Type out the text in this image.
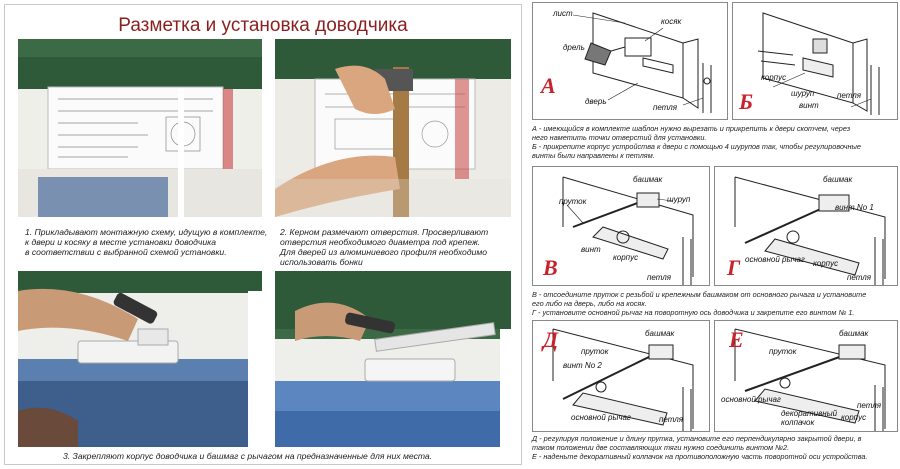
Разметка и установка доводчика
1. Прикладывают монтажную схему, идущую в комплекте,
к двери и косяку в месте установки доводчика
в соответствии с выбранной схемой установки.
2. Керном размечают отверстия. Просверливают
отверстия необходимого диаметра под крепеж.
Для дверей из алюминиевого профиля необходимо
использовать бонки
3. Закрепляют корпус доводчика и башмаг с рычагом на предназначенные для них места.
лист
дрель
косяк
дверь
петля
А	корпус
шуруп
винт
петля
Б
А - имеющийся в комплекте шаблон нужно вырезать и прикрепить к двери скотчем, через
него наметить точки отверстий для установки.
Б - прикрепите корпус устройства к двери с помощью 4 шурупов так, чтобы регулировочные
винты были направлены к петлям.
башмак
пруток	шуруп
винт
корпус
петля
В
башмак
винт No 1
основной рычаг корпус
петля
Г
В - отсоедините пруток с резьбой и крепежным башмаком от основного рычага и установите
его либо на дверь, либо на косяк.
Г - установите основной рычаг на поворотную ось доводчика и закрепите его винтом № 1.
пруток
винт No 2
башмак
основной рычаг	петля
Д	башмак
пруток
основной рычаг
декоративный колпачок
корпус
петля
Е
Д - регулируя положение и длину прутка, установите его перпендикулярно закрытой двери, в
таком положении две составляющих тяги нужно соединить винтом №2.
Е - наденьте декоративный колпачок на противоположную часть поворотной оси устройства.
